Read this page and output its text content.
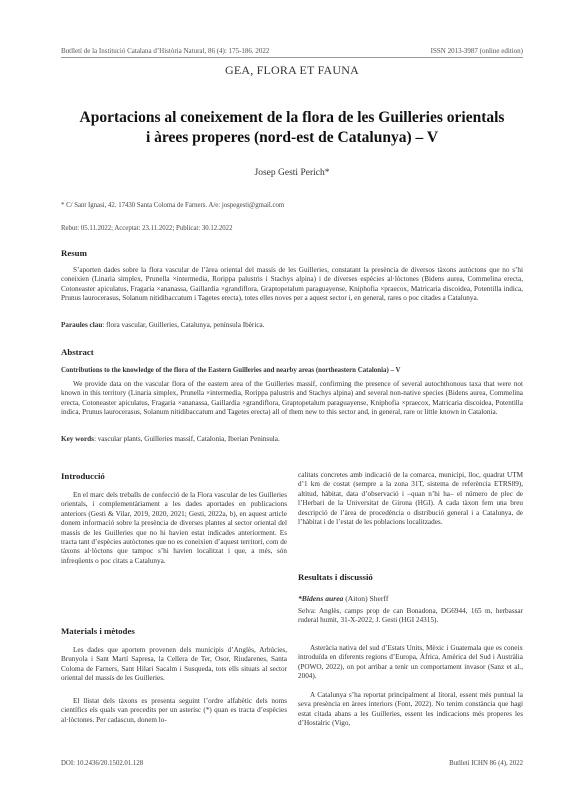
Butlletí de la Institució Catalana d’Història Natural, 86 (4): 175-186. 2022	ISSN 2013-3987 (online edition)
GEA, FLORA ET FAUNA
Aportacions al coneixement de la flora de les Guilleries orientals
i àrees properes (nord-est de Catalunya) – V
Josep Gesti Perich*
* C/ Sant Ignasi, 42. 17430 Santa Coloma de Farners. A/e: jospegesti@gmail.com
Rebut: 05.11.2022; Acceptat: 23.11.2022; Publicat: 30.12.2022
Resum
S’aporten dades sobre la flora vascular de l’àrea oriental del massís de les Guilleries, constatant la presència de diversos tàxons autòctons que no s’hi coneixien (Linaria simplex, Prunella ×intermedia, Rorippa palustris i Stachys alpina) i de diverses espècies al·lòctones (Bidens aurea, Commelina erecta, Cotoneaster apiculatus, Fragaria ×ananassa, Gaillardia ×grandiflora, Graptopetalum paraguayense, Kniphofia ×praecox, Matricaria discoidea, Potentilla indica, Prunus laurocerasus, Solanum nitidibaccatum i Tagetes erecta), totes elles noves per a aquest sector i, en general, rares o poc citades a Catalunya.
Paraules clau: flora vascular, Guilleries, Catalunya, península Ibèrica.
Abstract
Contributions to the knowledge of the flora of the Eastern Guilleries and nearby areas (northeastern Catalonia) – V
We provide data on the vascular flora of the eastern area of the Guilleries massif, confirming the presence of several autochthonous taxa that were not known in this territory (Linaria simplex, Prunella ×intermedia, Rorippa palustris and Stachys alpina) and several non-native species (Bidens aurea, Commelina erecta, Cotoneaster apiculatus, Fragaria ×ananassa, Gaillardia ×grandiflora, Graptopetalum paraguayense, Kniphofia ×praecox, Matricaria discoidea, Potentilla indica, Prunus laurocerasus, Solanum nitidibaccatum and Tagetes erecta) all of them new to this sector and, in general, rare or little known in Catalonia.
Key words: vascular plants, Guilleries massif, Catalonia, Iberian Peninsula.
Introducció
En el marc dels treballs de confecció de la Flora vascular de les Guilleries orientals, i complementàriament a les dades aportades en publicacions anteriors (Gesti & Vilar, 2019, 2020, 2021; Gesti, 2022a, b), en aquest article donem informació sobre la presència de diverses plantes al sector oriental del massís de les Guilleries que no hi havien estat indicades anteriorment. Es tracta tant d’espècies autòctones que no es coneixien d’aquest territori, com de tàxons al·lòctons que tampoc s’hi havien localitzat i que, a més, són infreqüents o poc citats a Catalunya.
Materials i mètodes
Les dades que aportem provenen dels municipis d’Anglès, Arbúcies, Brunyola i Sant Martí Sapresa, la Cellera de Ter, Osor, Riudarenes, Santa Coloma de Farners, Sant Hilari Sacalm i Susqueda, tots ells situats al sector oriental del massís de les Guilleries.
El llistat dels tàxons es presenta seguint l’ordre alfabètic dels noms científics els quals van precedits per un asterisc (*) quan es tracta d’espècies al·lòctones. Per cadascun, donem lo-
calitats concretes amb indicació de la comarca, municipi, lloc, quadrat UTM d’1 km de costat (sempre a la zona 31T, sistema de referència ETRS89), altitud, hàbitat, data d’observació i –quan n’hi ha– el número de plec de l’Herbari de la Universitat de Girona (HGI). A cada tàxon fem una breu descripció de l’àrea de procedència o distribució general i a Catalunya, de l’hàbitat i de l’estat de les poblacions localitzades.
Resultats i discussió
*Bidens aurea (Aiton) Sherff
Selva: Anglès, camps prop de can Bonadona, DG6944, 165 m, herbassar ruderal humit, 31-X-2022, J. Gesti (HGI 24315).
Asteràcia nativa del sud d’Estats Units, Mèxic i Guatemala que es coneix introduïda en diferents regions d’Europa, Àfrica, Amèrica del Sud i Austràlia (POWO, 2022), on pot arribar a tenir un comportament invasor (Sanz et al., 2004).
A Catalunya s’ha reportat principalment al litoral, essent més puntual la seva presència en àrees interiors (Font, 2022). No tenim constància que hagi estat citada abans a les Guilleries, essent les indicacions més properes les d’Hostalric (Vigo,
DOI: 10.2436/20.1502.01.128	Butlletí ICHN 86 (4), 2022
